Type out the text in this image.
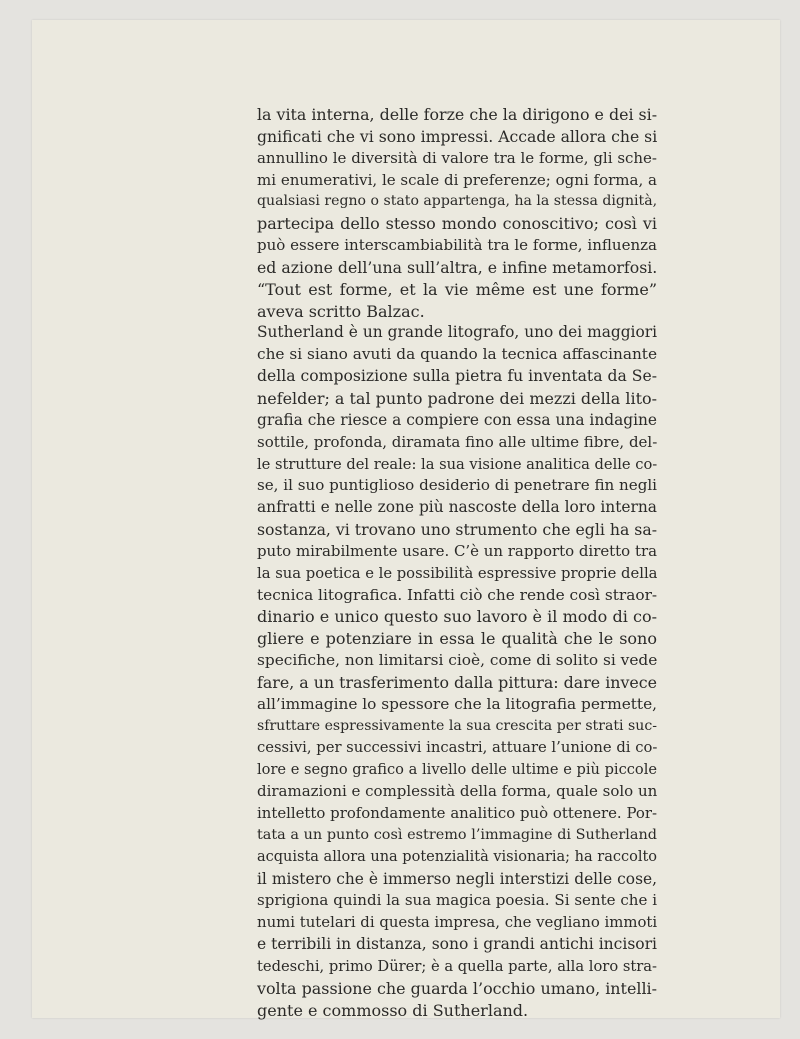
la vita interna, delle forze che la dirigono e dei si-
gnificati che vi sono impressi. Accade allora che si
annullino le diversità di valore tra le forme, gli sche-
mi enumerativi, le scale di preferenze; ogni forma, a
qualsiasi regno o stato appartenga, ha la stessa dignità,
partecipa dello stesso mondo conoscitivo; così vi
può essere interscambiabilità tra le forme, influenza
ed azione dell’una sull’altra, e infine metamorfosi.
“Tout est forme, et la vie même est une forme”
aveva scritto Balzac.
Sutherland è un grande litografo, uno dei maggiori
che si siano avuti da quando la tecnica affascinante
della composizione sulla pietra fu inventata da Se-
nefelder; a tal punto padrone dei mezzi della lito-
grafia che riesce a compiere con essa una indagine
sottile, profonda, diramata fino alle ultime fibre, del-
le strutture del reale: la sua visione analitica delle co-
se, il suo puntiglioso desiderio di penetrare fin negli
anfratti e nelle zone più nascoste della loro interna
sostanza, vi trovano uno strumento che egli ha sa-
puto mirabilmente usare. C’è un rapporto diretto tra
la sua poetica e le possibilità espressive proprie della
tecnica litografica. Infatti ciò che rende così straor-
dinario e unico questo suo lavoro è il modo di co-
gliere e potenziare in essa le qualità che le sono
specifiche, non limitarsi cioè, come di solito si vede
fare, a un trasferimento dalla pittura: dare invece
all’immagine lo spessore che la litografia permette,
sfruttare espressivamente la sua crescita per strati suc-
cessivi, per successivi incastri, attuare l’unione di co-
lore e segno grafico a livello delle ultime e più piccole
diramazioni e complessità della forma, quale solo un
intelletto profondamente analitico può ottenere. Por-
tata a un punto così estremo l’immagine di Sutherland
acquista allora una potenzialità visionaria; ha raccolto
il mistero che è immerso negli interstizi delle cose,
sprigiona quindi la sua magica poesia. Si sente che i
numi tutelari di questa impresa, che vegliano immoti
e terribili in distanza, sono i grandi antichi incisori
tedeschi, primo Dürer; è a quella parte, alla loro stra-
volta passione che guarda l’occhio umano, intelli-
gente e commosso di Sutherland.
